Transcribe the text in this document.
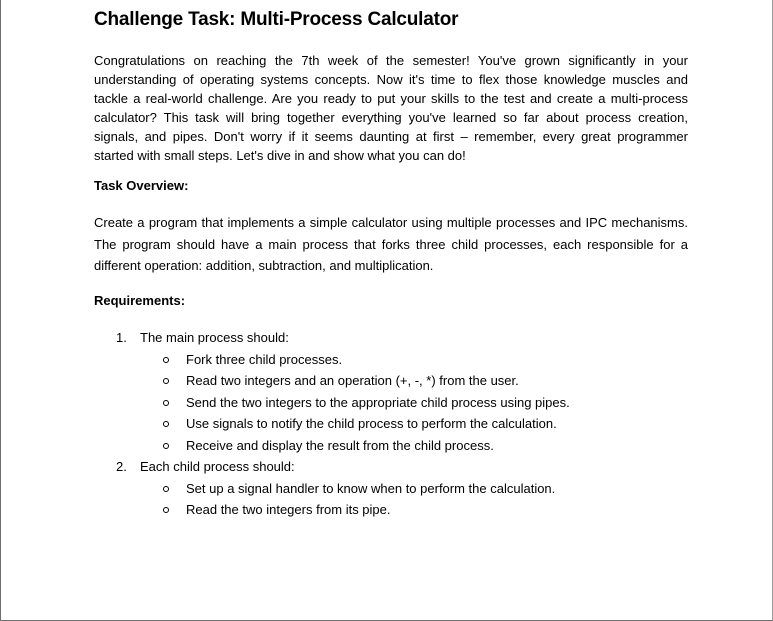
Challenge Task: Multi-Process Calculator
Congratulations on reaching the 7th week of the semester! You've grown significantly in your understanding of operating systems concepts. Now it's time to flex those knowledge muscles and tackle a real-world challenge. Are you ready to put your skills to the test and create a multi-process calculator? This task will bring together everything you've learned so far about process creation, signals, and pipes. Don't worry if it seems daunting at first – remember, every great programmer started with small steps. Let's dive in and show what you can do!
Task Overview:
Create a program that implements a simple calculator using multiple processes and IPC mechanisms. The program should have a main process that forks three child processes, each responsible for a different operation: addition, subtraction, and multiplication.
Requirements:
1. The main process should:
Fork three child processes.
Read two integers and an operation (+, -, *) from the user.
Send the two integers to the appropriate child process using pipes.
Use signals to notify the child process to perform the calculation.
Receive and display the result from the child process.
2. Each child process should:
Set up a signal handler to know when to perform the calculation.
Read the two integers from its pipe.
